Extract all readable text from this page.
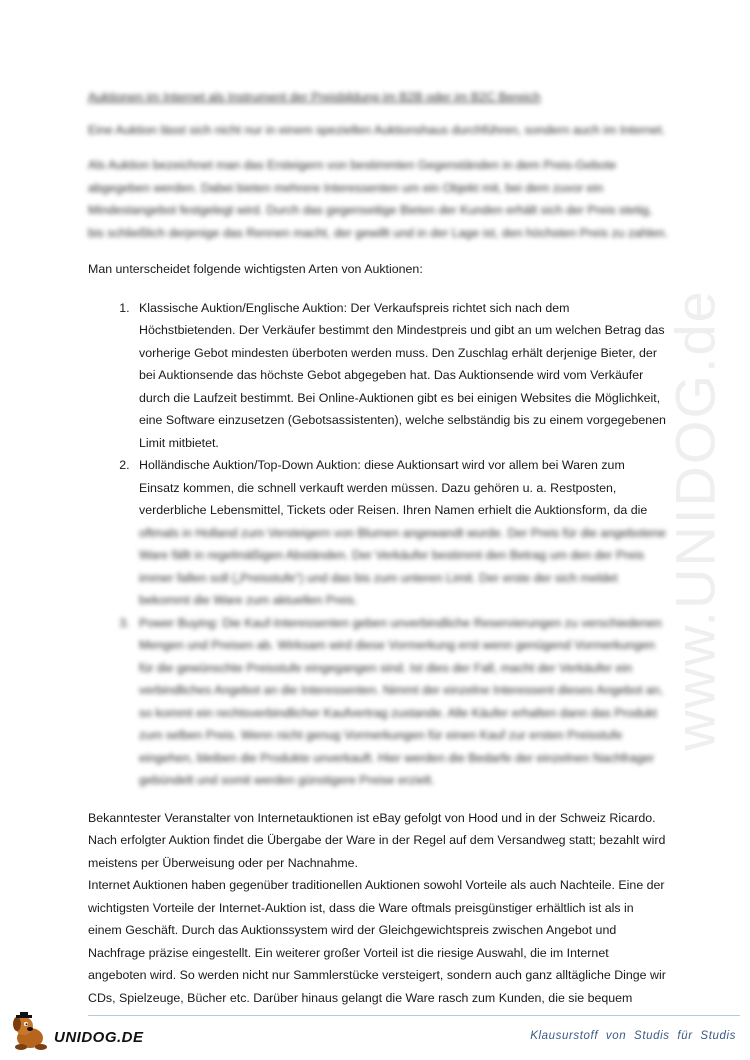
www.UNIDOG.de

Auktionen im Internet als Instrument der Preisbildung im B2B oder im B2C Bereich

Eine Auktion lässt sich nicht nur in einem speziellen Auktionshaus durchführen, sondern auch im Internet.

Als Auktion bezeichnet man das Ersteigern von bestimmten Gegenständen in dem Preis-Gebote abgegeben werden. Dabei bieten mehrere Interessenten um ein Objekt mit, bei dem zuvor ein Mindestangebot festgelegt wird. Durch das gegenseitige Bieten der Kunden erhält sich der Preis stetig, bis schließlich derjenige das Rennen macht, der gewillt und in der Lage ist, den höchsten Preis zu zahlen.

Man unterscheidet folgende wichtigsten Arten von Auktionen:

1. Klassische Auktion/Englische Auktion: Der Verkaufspreis richtet sich nach dem Höchstbietenden. Der Verkäufer bestimmt den Mindestpreis und gibt an um welchen Betrag das vorherige Gebot mindesten überboten werden muss. Den Zuschlag erhält derjenige Bieter, der bei Auktionsende das höchste Gebot abgegeben hat. Das Auktionsende wird vom Verkäufer durch die Laufzeit bestimmt. Bei Online-Auktionen gibt es bei einigen Websites die Möglichkeit, eine Software einzusetzen (Gebotsassistenten), welche selbständig bis zu einem vorgegebenen Limit mitbietet.
2. Holländische Auktion/Top-Down Auktion: diese Auktionsart wird vor allem bei Waren zum Einsatz kommen, die schnell verkauft werden müssen. Dazu gehören u. a. Restposten, verderbliche Lebensmittel, Tickets oder Reisen. Ihren Namen erhielt die Auktionsform, da die oftmals in Holland zum Versteigern von Blumen angewandt wurde. Der Preis für die angebotene Ware fällt in regelmäßigen Abständen. Der Verkäufer bestimmt den Betrag um den der Preis immer fallen soll („Preisstufe“) und das bis zum unteren Limit. Der erste der sich meldet bekommt die Ware zum aktuellen Preis.
3. Power Buying: Die Kauf-Interessenten geben unverbindliche Reservierungen zu verschiedenen Mengen und Preisen ab. Wirksam wird diese Vormerkung erst wenn genügend Vormerkungen für die gewünschte Preisstufe eingegangen sind. Ist dies der Fall, macht der Verkäufer ein verbindliches Angebot an die Interessenten. Nimmt der einzelne Interessent dieses Angebot an, so kommt ein rechtsverbindlicher Kaufvertrag zustande. Alle Käufer erhalten dann das Produkt zum selben Preis. Wenn nicht genug Vormerkungen für einen Kauf zur ersten Preisstufe eingehen, bleiben die Produkte unverkauft. Hier werden die Bedarfe der einzelnen Nachfrager gebündelt und somit werden günstigere Preise erzielt.

Bekanntester Veranstalter von Internetauktionen ist eBay gefolgt von Hood und in der Schweiz Ricardo. Nach erfolgter Auktion findet die Übergabe der Ware in der Regel auf dem Versandweg statt; bezahlt wird meistens per Überweisung oder per Nachnahme.

Internet Auktionen haben gegenüber traditionellen Auktionen sowohl Vorteile als auch Nachteile. Eine der wichtigsten Vorteile der Internet-Auktion ist, dass die Ware oftmals preisgünstiger erhältlich ist als in einem Geschäft. Durch das Auktionssystem wird der Gleichgewichtspreis zwischen Angebot und Nachfrage präzise eingestellt. Ein weiterer großer Vorteil ist die riesige Auswahl, die im Internet angeboten wird. So werden nicht nur Sammlerstücke versteigert, sondern auch ganz alltägliche Dinge wir CDs, Spielzeuge, Bücher etc. Darüber hinaus gelangt die Ware rasch zum Kunden, die sie bequem

UNIDOG.DE	Klausurstoff von Studis für Studis
